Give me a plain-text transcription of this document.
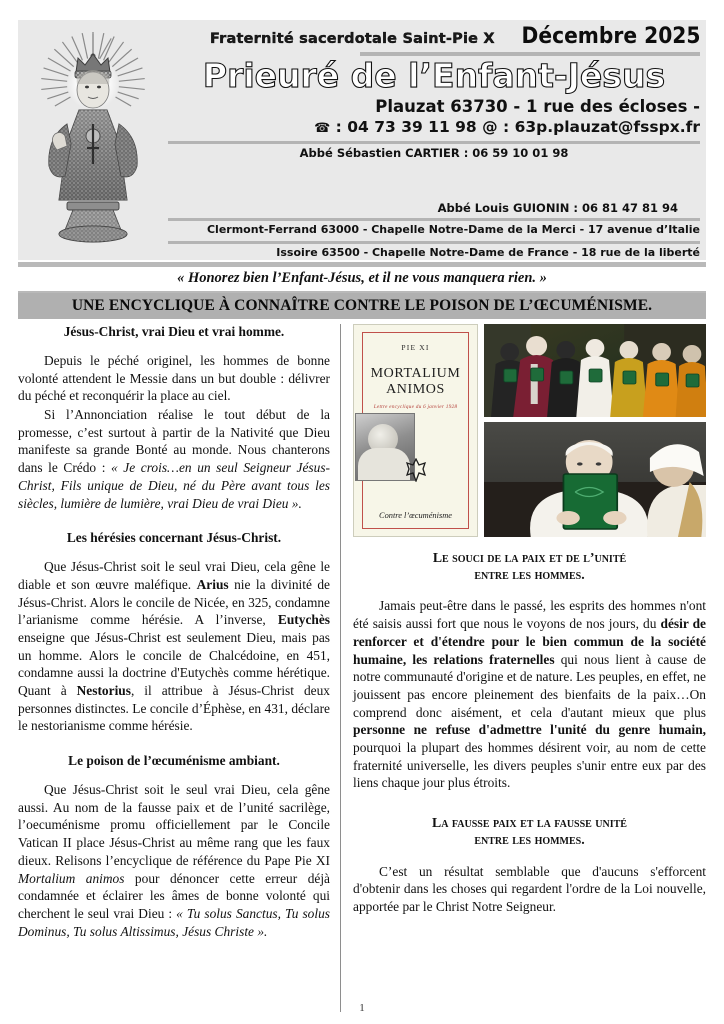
Fraternité sacerdotale Saint-Pie X Décembre 2025
Prieuré de l’Enfant-Jésus
Plauzat 63730 - 1 rue des écloses -
☎ : 04 73 39 11 98 @ : 63p.plauzat@fsspx.fr
Abbé Sébastien CARTIER : 06 59 10 01 98
Abbé Louis GUIONIN : 06 81 47 81 94
Clermont-Ferrand 63000 - Chapelle Notre-Dame de la Merci - 17 avenue d’Italie
Issoire 63500 - Chapelle Notre-Dame de France - 18 rue de la liberté
« Honorez bien l’Enfant-Jésus, et il ne vous manquera rien. »
UNE ENCYCLIQUE À CONNAÎTRE CONTRE LE POISON DE L’ŒCUMÉNISME.
Jésus-Christ, vrai Dieu et vrai homme.

Depuis le péché originel, les hommes de bonne volonté attendent le Messie dans un but double : délivrer du péché et reconquérir la place au ciel.

Si l’Annonciation réalise le tout début de la promesse, c’est surtout à partir de la Nativité que Dieu manifeste sa grande Bonté au monde. Nous chanterons dans le Crédo : « Je crois…en un seul Seigneur Jésus-Christ, Fils unique de Dieu, né du Père avant tous les siècles, lumière de lumière, vrai Dieu de vrai Dieu ».

Les hérésies concernant Jésus-Christ.

Que Jésus-Christ soit le seul vrai Dieu, cela gêne le diable et son œuvre maléfique. Arius nie la divinité de Jésus-Christ. Alors le concile de Nicée, en 325, condamne l’arianisme comme hérésie. A l’inverse, Eutychès enseigne que Jésus-Christ est seulement Dieu, mais pas un homme. Alors le concile de Chalcédoine, en 451, condamne aussi la doctrine d'Eutychès comme hérétique. Quant à Nestorius, il attribue à Jésus-Christ deux personnes distinctes. Le concile d’Éphèse, en 431, déclare le nestorianisme comme hérésie.

Le poison de l’œcuménisme ambiant.

Que Jésus-Christ soit le seul vrai Dieu, cela gêne aussi. Au nom de la fausse paix et de l’unité sacrilège, l’oecuménisme promu officiellement par le Concile Vatican II place Jésus-Christ au même rang que les faux dieux. Relisons l’encyclique de référence du Pape Pie XI Mortalium animos pour dénoncer cette erreur déjà condamnée et éclairer les âmes de bonne volonté qui cherchent le seul vrai Dieu : « Tu solus Sanctus, Tu solus Dominus, Tu solus Altissimus, Jésus Christe ».

PIE XI
MORTALIUM
ANIMOS
Lettre encyclique du 6 janvier 1928
Contre l’œcuménisme
Le souci de la paix et de l’unité
entre les hommes.

Jamais peut-être dans le passé, les esprits des hommes n'ont été saisis aussi fort que nous le voyons de nos jours, du désir de renforcer et d'étendre pour le bien commun de la société humaine, les relations fraternelles qui nous lient à cause de notre communauté d'origine et de nature. Les peuples, en effet, ne jouissent pas encore pleinement des bienfaits de la paix…On comprend donc aisément, et cela d'autant mieux que plus personne ne refuse d'admettre l'unité du genre humain, pourquoi la plupart des hommes désirent voir, au nom de cette fraternité universelle, les divers peuples s'unir entre eux par des liens chaque jour plus étroits.

La fausse paix et la fausse unité
entre les hommes.

C’est un résultat semblable que d'aucuns s'efforcent d'obtenir dans les choses qui regardent l'ordre de la Loi nouvelle, apportée par le Christ Notre Seigneur.

1
